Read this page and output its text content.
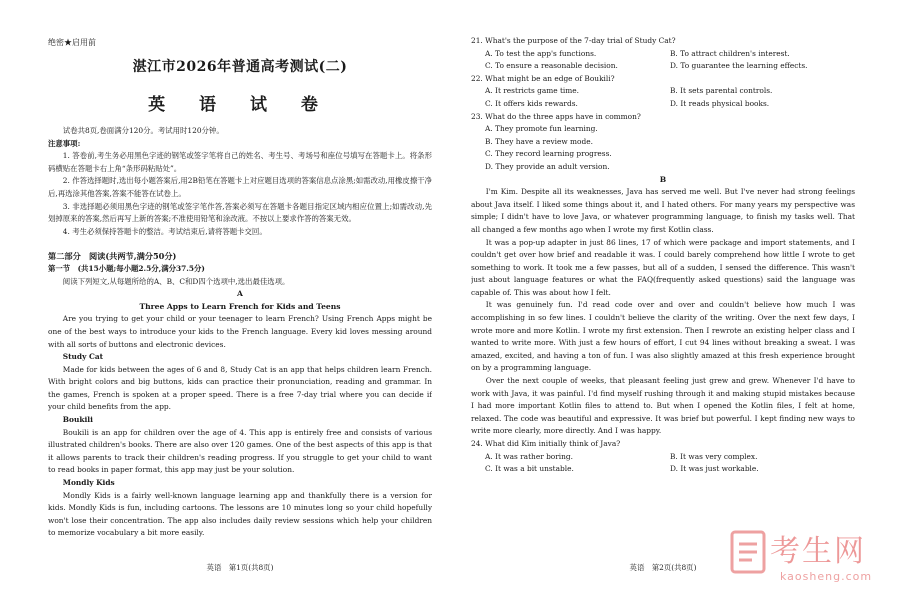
绝密★启用前

湛江市2026年普通高考测试(二)

英 语 试 卷

试卷共8页,卷面满分120分。考试用时120分钟。

注意事项:

1. 答卷前,考生务必用黑色字迹的钢笔或签字笔将自己的姓名、考生号、考场号和座位号填写在答题卡上。将条形码横贴在答题卡右上角“条形码粘贴处”。

2. 作答选择题时,选出每小题答案后,用2B铅笔在答题卡上对应题目选项的答案信息点涂黑;如需改动,用橡皮擦干净后,再选涂其他答案,答案不能答在试卷上。

3. 非选择题必须用黑色字迹的钢笔或签字笔作答,答案必须写在答题卡各题目指定区域内相应位置上;如需改动,先划掉原来的答案,然后再写上新的答案;不准使用铅笔和涂改液。不按以上要求作答的答案无效。

4. 考生必须保持答题卡的整洁。考试结束后,请将答题卡交回。

第二部分　阅读(共两节,满分50分)

第一节　(共15小题;每小题2.5分,满分37.5分)

阅读下列短文,从每题所给的A、B、C和D四个选项中,选出最佳选项。

A

Three Apps to Learn French for Kids and Teens

Are you trying to get your child or your teenager to learn French? Using French Apps might be one of the best ways to introduce your kids to the French language. Every kid loves messing around with all sorts of buttons and electronic devices.

Study Cat

Made for kids between the ages of 6 and 8, Study Cat is an app that helps children learn French. With bright colors and big buttons, kids can practice their pronunciation, reading and grammar. In the games, French is spoken at a proper speed. There is a free 7-day trial where you can decide if your child benefits from the app.

Boukili

Boukili is an app for children over the age of 4. This app is entirely free and consists of various illustrated children's books. There are also over 120 games. One of the best aspects of this app is that it allows parents to track their children's reading progress. If you struggle to get your child to want to read books in paper format, this app may just be your solution.

Mondly Kids

Mondly Kids is a fairly well-known language learning app and thankfully there is a version for kids. Mondly Kids is fun, including cartoons. The lessons are 10 minutes long so your child hopefully won't lose their concentration. The app also includes daily review sessions which help your children to memorize vocabulary a bit more easily.

英语　第1页(共8页)

21. What's the purpose of the 7-day trial of Study Cat?

A. To test the app's functions.	B. To attract children's interest.

C. To ensure a reasonable decision.	D. To guarantee the learning effects.

22. What might be an edge of Boukili?

A. It restricts game time.	B. It sets parental controls.

C. It offers kids rewards.	D. It reads physical books.

23. What do the three apps have in common?

A. They promote fun learning.

B. They have a review mode.

C. They record learning progress.

D. They provide an adult version.

B

I'm Kim. Despite all its weaknesses, Java has served me well. But I've never had strong feelings about Java itself. I liked some things about it, and I hated others. For many years my perspective was simple; I didn't have to love Java, or whatever programming language, to finish my tasks well. That all changed a few months ago when I wrote my first Kotlin class.

It was a pop-up adapter in just 86 lines, 17 of which were package and import statements, and I couldn't get over how brief and readable it was. I could barely comprehend how little I wrote to get something to work. It took me a few passes, but all of a sudden, I sensed the difference. This wasn't just about language features or what the FAQ(frequently asked questions) said the language was capable of. This was about how I felt.

It was genuinely fun. I'd read code over and over and couldn't believe how much I was accomplishing in so few lines. I couldn't believe the clarity of the writing. Over the next few days, I wrote more and more Kotlin. I wrote my first extension. Then I rewrote an existing helper class and I wanted to write more. With just a few hours of effort, I cut 94 lines without breaking a sweat. I was amazed, excited, and having a ton of fun. I was also slightly amazed at this fresh experience brought on by a programming language.

Over the next couple of weeks, that pleasant feeling just grew and grew. Whenever I'd have to work with Java, it was painful. I'd find myself rushing through it and making stupid mistakes because I had more important Kotlin files to attend to. But when I opened the Kotlin files, I felt at home, relaxed. The code was beautiful and expressive. It was brief but powerful. I kept finding new ways to write more clearly, more directly. And I was happy.

24. What did Kim initially think of Java?

A. It was rather boring.	B. It was very complex.

C. It was a bit unstable.	D. It was just workable.

英语　第2页(共8页)	考生网
kaosheng.com
